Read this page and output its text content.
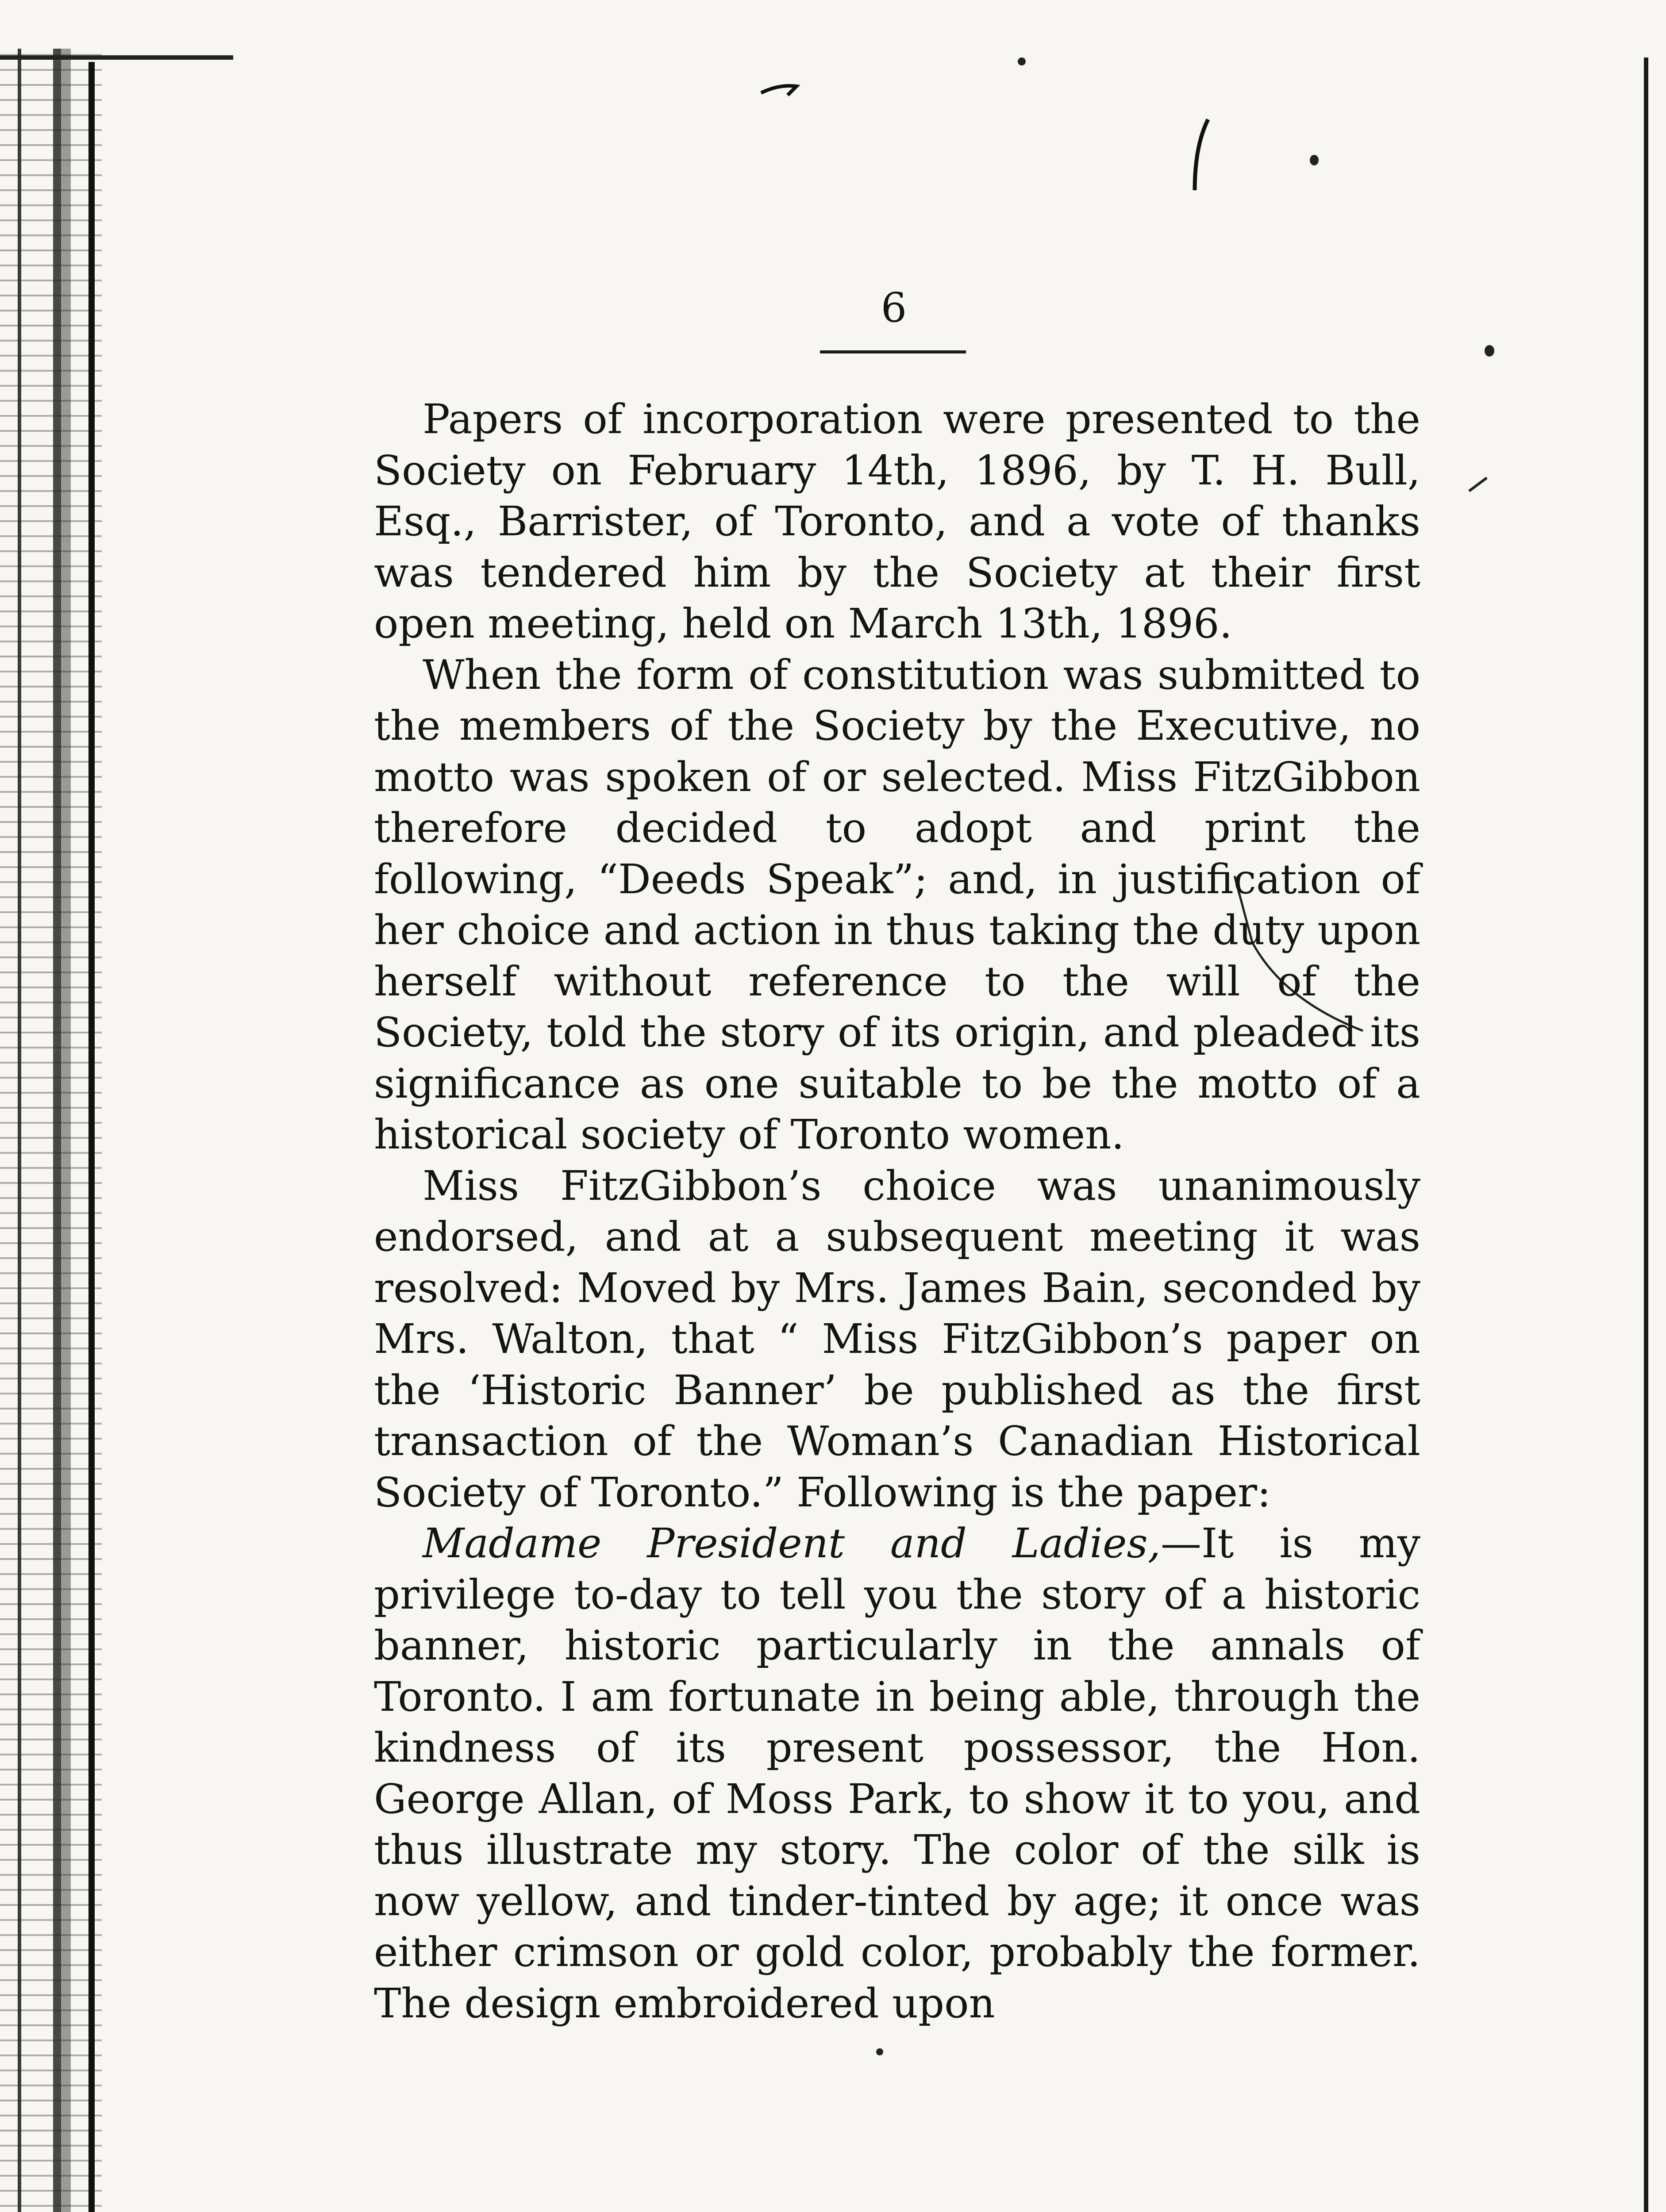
6

Papers of incorporation were presented to the Society on February 14th, 1896, by T. H. Bull, Esq., Barrister, of Toronto, and a vote of thanks was tendered him by the Society at their first open meeting, held on March 13th, 1896.

When the form of constitution was submitted to the members of the Society by the Executive, no motto was spoken of or selected. Miss FitzGibbon therefore decided to adopt and print the following, “Deeds Speak”; and, in justification of her choice and action in thus taking the duty upon herself without reference to the will of the Society, told the story of its origin, and pleaded its significance as one suitable to be the motto of a historical society of Toronto women.

Miss FitzGibbon’s choice was unanimously endorsed, and at a subsequent meeting it was resolved: Moved by Mrs. James Bain, seconded by Mrs. Walton, that “ Miss FitzGibbon’s paper on the ‘Historic Banner’ be published as the first transaction of the Woman’s Canadian Historical Society of Toronto.” Following is the paper:

Madame President and Ladies,—It is my privilege to-day to tell you the story of a historic banner, historic particularly in the annals of Toronto. I am fortunate in being able, through the kindness of its present possessor, the Hon. George Allan, of Moss Park, to show it to you, and thus illustrate my story. The color of the silk is now yellow, and tinder-tinted by age; it once was either crimson or gold color, probably the former. The design embroidered upon
